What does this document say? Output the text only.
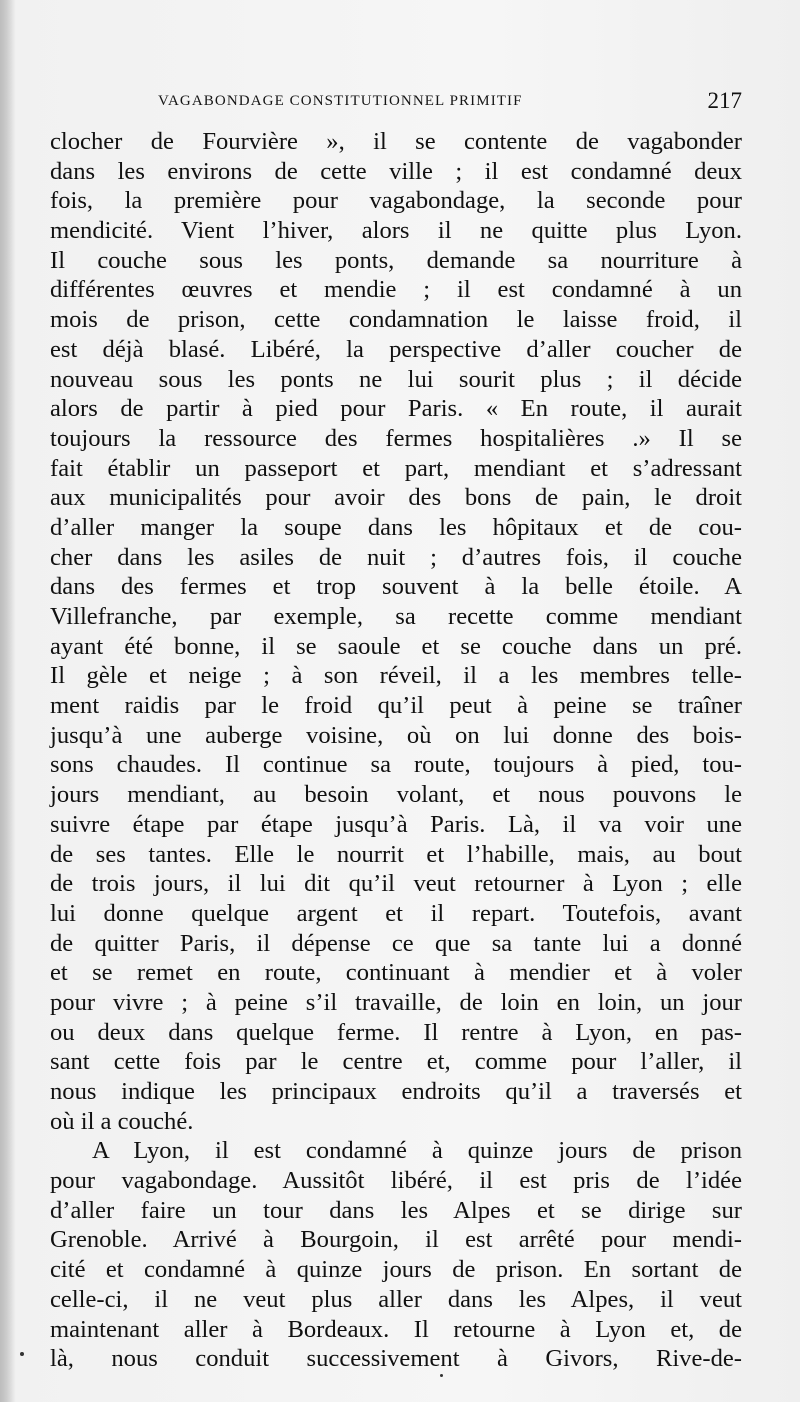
VAGABONDAGE CONSTITUTIONNEL PRIMITIF	217
clocher de Fourvière », il se contente de vagabonder
dans les environs de cette ville ; il est condamné deux
fois, la première pour vagabondage, la seconde pour
mendicité. Vient l’hiver, alors il ne quitte plus Lyon.
Il couche sous les ponts, demande sa nourriture à
différentes œuvres et mendie ; il est condamné à un
mois de prison, cette condamnation le laisse froid, il
est déjà blasé. Libéré, la perspective d’aller coucher de
nouveau sous les ponts ne lui sourit plus ; il décide
alors de partir à pied pour Paris. « En route, il aurait
toujours la ressource des fermes hospitalières .» Il se
fait établir un passeport et part, mendiant et s’adressant
aux municipalités pour avoir des bons de pain, le droit
d’aller manger la soupe dans les hôpitaux et de cou-
cher dans les asiles de nuit ; d’autres fois, il couche
dans des fermes et trop souvent à la belle étoile. A
Villefranche, par exemple, sa recette comme mendiant
ayant été bonne, il se saoule et se couche dans un pré.
Il gèle et neige ; à son réveil, il a les membres telle-
ment raidis par le froid qu’il peut à peine se traîner
jusqu’à une auberge voisine, où on lui donne des bois-
sons chaudes. Il continue sa route, toujours à pied, tou-
jours mendiant, au besoin volant, et nous pouvons le
suivre étape par étape jusqu’à Paris. Là, il va voir une
de ses tantes. Elle le nourrit et l’habille, mais, au bout
de trois jours, il lui dit qu’il veut retourner à Lyon ; elle
lui donne quelque argent et il repart. Toutefois, avant
de quitter Paris, il dépense ce que sa tante lui a donné
et se remet en route, continuant à mendier et à voler
pour vivre ; à peine s’il travaille, de loin en loin, un jour
ou deux dans quelque ferme. Il rentre à Lyon, en pas-
sant cette fois par le centre et, comme pour l’aller, il
nous indique les principaux endroits qu’il a traversés et
où il a couché.
A Lyon, il est condamné à quinze jours de prison
pour vagabondage. Aussitôt libéré, il est pris de l’idée
d’aller faire un tour dans les Alpes et se dirige sur
Grenoble. Arrivé à Bourgoin, il est arrêté pour mendi-
cité et condamné à quinze jours de prison. En sortant de
celle-ci, il ne veut plus aller dans les Alpes, il veut
maintenant aller à Bordeaux. Il retourne à Lyon et, de
là, nous conduit successivement à Givors, Rive-de-
